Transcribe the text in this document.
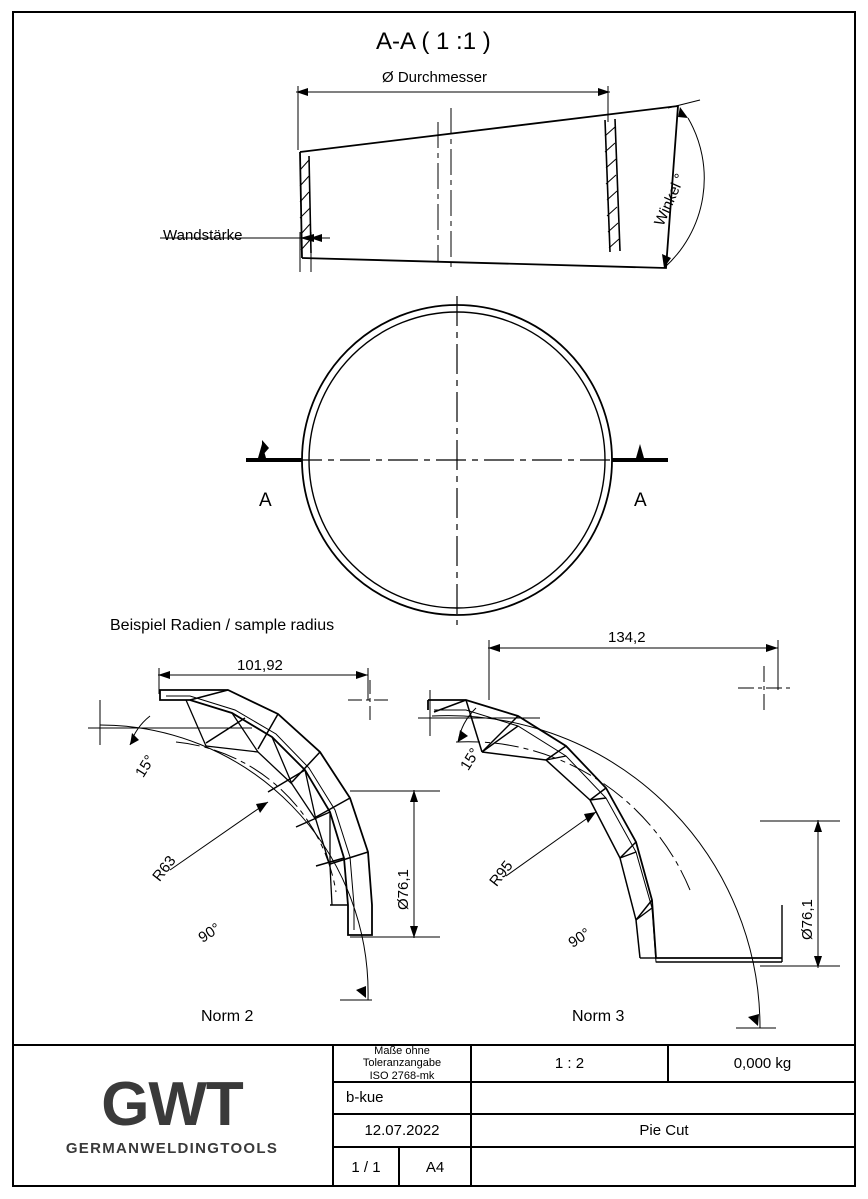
A-A ( 1 :1 )
Ø Durchmesser
Wandstärke
Winkel °
A	A
Beispiel Radien / sample radius
101,92
15°
R63
90°
Ø76,1
Norm 2
134,2
15°
R95
90°	Ø76,1
Norm 3
GWT
GERMANWELDINGTOOLS
Maße ohne Toleranzangabe
ISO 2768-mk
1 : 2	0,000 kg
b-kue
12.07.2022	Pie Cut
1 / 1	A4
